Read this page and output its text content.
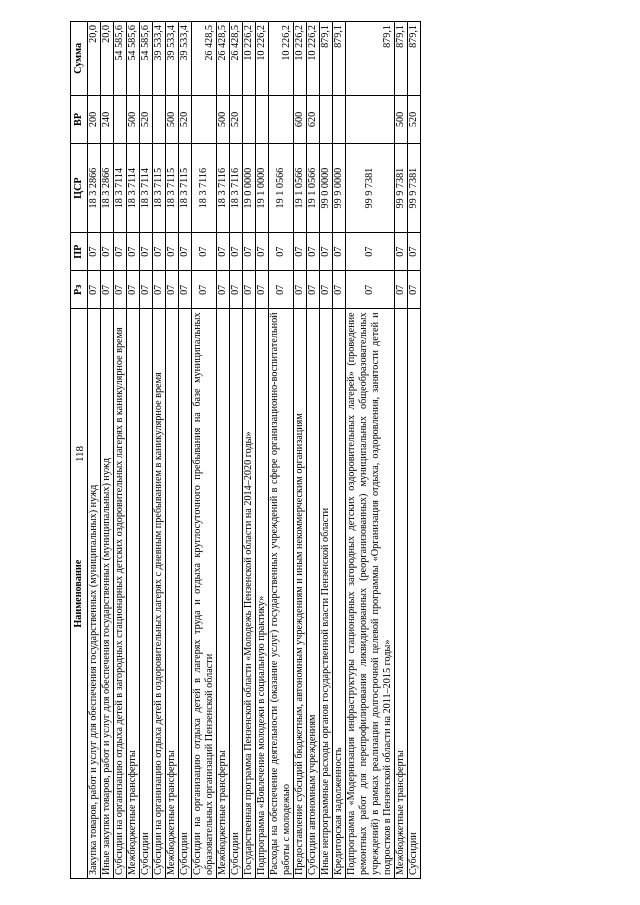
118
Наименование	Рз	ПР	ЦСР	ВР	Сумма
Закупка товаров, работ и услуг для обеспечения государственных (муниципальных) нужд	07	07	18 3 2866	200	20,0
Иные закупки товаров, работ и услуг для обеспечения государственных (муниципальных) нужд	07	07	18 3 2866	240	20,0
Субсидии на организацию отдыха детей в загородных стационарных детских оздоровительных лагерях в каникулярное время	07	07	18 3 7114		54 585,6
Межбюджетные трансферты	07	07	18 3 7114	500	54 585,6
Субсидии	07	07	18 3 7114	520	54 585,6
Субсидии на организацию отдыха детей в оздоровительных лагерях с дневным пребыванием в каникулярное время	07	07	18 3 7115		39 533,4
Межбюджетные трансферты	07	07	18 3 7115	500	39 533,4
Субсидии	07	07	18 3 7115	520	39 533,4
Субсидии на организацию отдыха детей в лагерях труда и отдыха круглосуточного пребывания на базе муниципальных образовательных организаций Пензенской области	07	07	18 3 7116		26 428,5
Межбюджетные трансферты	07	07	18 3 7116	500	26 428,5
Субсидии	07	07	18 3 7116	520	26 428,5
Государственная программа Пензенской области «Молодежь Пензенской области на 2014–2020 годы»	07	07	19 0 0000		10 226,2
Подпрограмма «Вовлечение молодежи в социальную практику»	07	07	19 1 0000		10 226,2
Расходы на обеспечение деятельности (оказание услуг) государственных учреждений в сфере организационно-воспитательной работы с молодежью	07	07	19 1 0566		10 226,2
Предоставление субсидий бюджетным, автономным учреждениям и иным некоммерческим организациям	07	07	19 1 0566	600	10 226,2
Субсидии автономным учреждениям	07	07	19 1 0566	620	10 226,2
Иные непрограммные расходы органов государственной власти Пензенской области	07	07	99 0 0000		879,1
Кредиторская задолженность	07	07	99 9 0000		879,1
Подпрограмма «Модернизация инфраструктуры стационарных загородных детских оздоровительных лагерей» (проведение ремонтных работ для перепрофилирования ликвидированных (реорганизованных) муниципальных общеобразовательных учреждений) в рамках реализации долгосрочной целевой программы «Организация отдыха, оздоровления, занятости детей и подростков в Пензенской области на 2011–2015 годы»	07	07	99 9 7381		879,1
Межбюджетные трансферты	07	07	99 9 7381	500	879,1
Субсидии	07	07	99 9 7381	520	879,1
